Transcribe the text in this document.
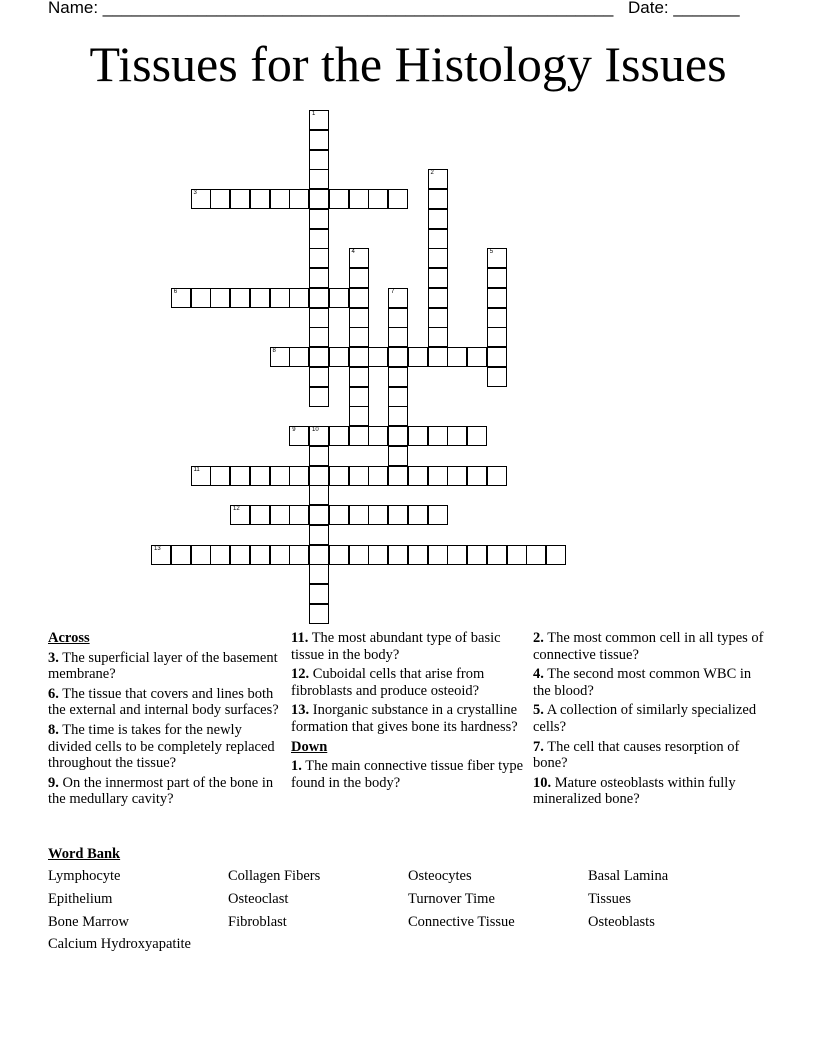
Name: ______________________________________________________ Date: _______
Tissues for the Histology Issues
1
2
3
4	5
6	7
8
9	10
11
12
13
Across
3. The superficial layer of the basement membrane?
6. The tissue that covers and lines both the external and internal body surfaces?
8. The time is takes for the newly divided cells to be completely replaced throughout the tissue?
9. On the innermost part of the bone in the medullary cavity?
11. The most abundant type of basic tissue in the body?
12. Cuboidal cells that arise from fibroblasts and produce osteoid?
13. Inorganic substance in a crystalline formation that gives bone its hardness?
Down
1. The main connective tissue fiber type found in the body?
2. The most common cell in all types of connective tissue?
4. The second most common WBC in the blood?
5. A collection of similarly specialized cells?
7. The cell that causes resorption of bone?
10. Mature osteoblasts within fully mineralized bone?
Word Bank
Lymphocyte	Collagen Fibers	Osteocytes	Basal Lamina
Epithelium	Osteoclast	Turnover Time	Tissues
Bone Marrow	Fibroblast	Connective Tissue	Osteoblasts
Calcium Hydroxyapatite
